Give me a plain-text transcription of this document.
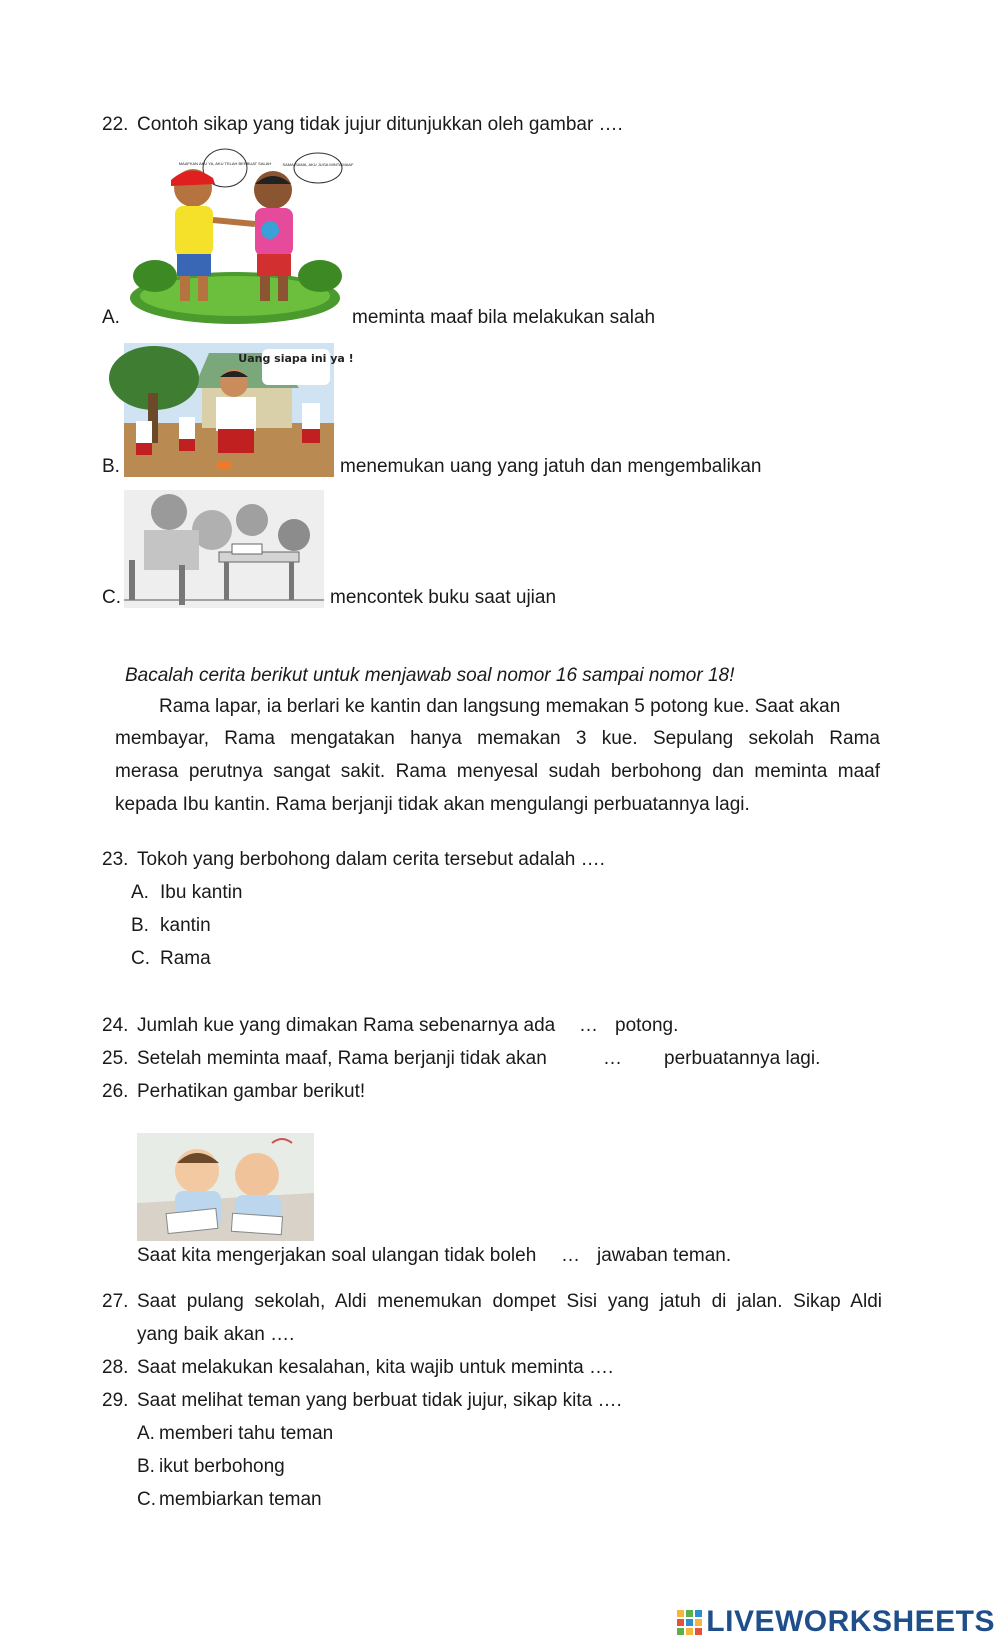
22. Contoh sikap yang tidak jujur ditunjukkan oleh gambar ….
MAAFKAN AKU YA, AKU TELAH BERBUAT SALAH	SAMA-SAMA, AKU JUGA MINTA MAAF
A.	meminta maaf bila melakukan salah
Uang siapa ini ya !
B.	menemukan uang yang jatuh dan mengembalikan
C.	mencontek buku saat ujian
Bacalah cerita berikut untuk menjawab soal nomor 16 sampai nomor 18!
Rama lapar, ia berlari ke kantin dan langsung memakan 5 potong kue. Saat akan

membayar, Rama mengatakan hanya memakan 3 kue. Sepulang sekolah Rama

merasa perutnya sangat sakit. Rama menyesal sudah berbohong dan meminta maaf

kepada Ibu kantin. Rama berjanji tidak akan mengulangi perbuatannya lagi.
23. Tokoh yang berbohong dalam cerita tersebut adalah ….
A. Ibu kantin
B. kantin
C. Rama
24. Jumlah kue yang dimakan Rama sebenarnya ada … potong.
25. Setelah meminta maaf, Rama berjanji tidak akan	… perbuatannya lagi.
26. Perhatikan gambar berikut!
Saat kita mengerjakan soal ulangan tidak boleh … jawaban teman.
27. Saat pulang sekolah, Aldi menemukan dompet Sisi yang jatuh di jalan. Sikap Aldi
yang baik akan ….
28. Saat melakukan kesalahan, kita wajib untuk meminta ….
29. Saat melihat teman yang berbuat tidak jujur, sikap kita ….
A. memberi tahu teman
B. ikut berbohong
C. membiarkan teman
LIVEWORKSHEETS
